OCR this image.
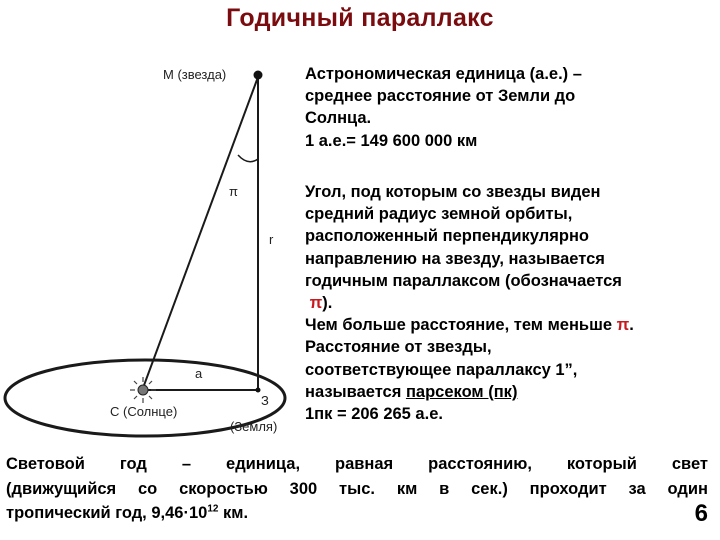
Годичный параллакс
М (звезда)
π
r
a
С (Солнце)
З
(Земля)
Астрономическая единица (а.е.) –
среднее расстояние от Земли до
Солнца.
1 а.е.= 149 600 000 км
Угол, под которым со звезды виден
средний радиус земной орбиты,
расположенный перпендикулярно
направлению на звезду, называется
годичным параллаксом (обозначается
π).
Чем больше расстояние, тем меньше π.
Расстояние от звезды,
соответствующее параллаксу 1”,
называется парсеком (пк)
1пк = 206 265 а.е.
Световой год – единица, равная расстоянию, который свет
(движущийся со скоростью 300 тыс. км в сек.) проходит за один
тропический год, $9,46\cdot 10^{12}$ км.	6
